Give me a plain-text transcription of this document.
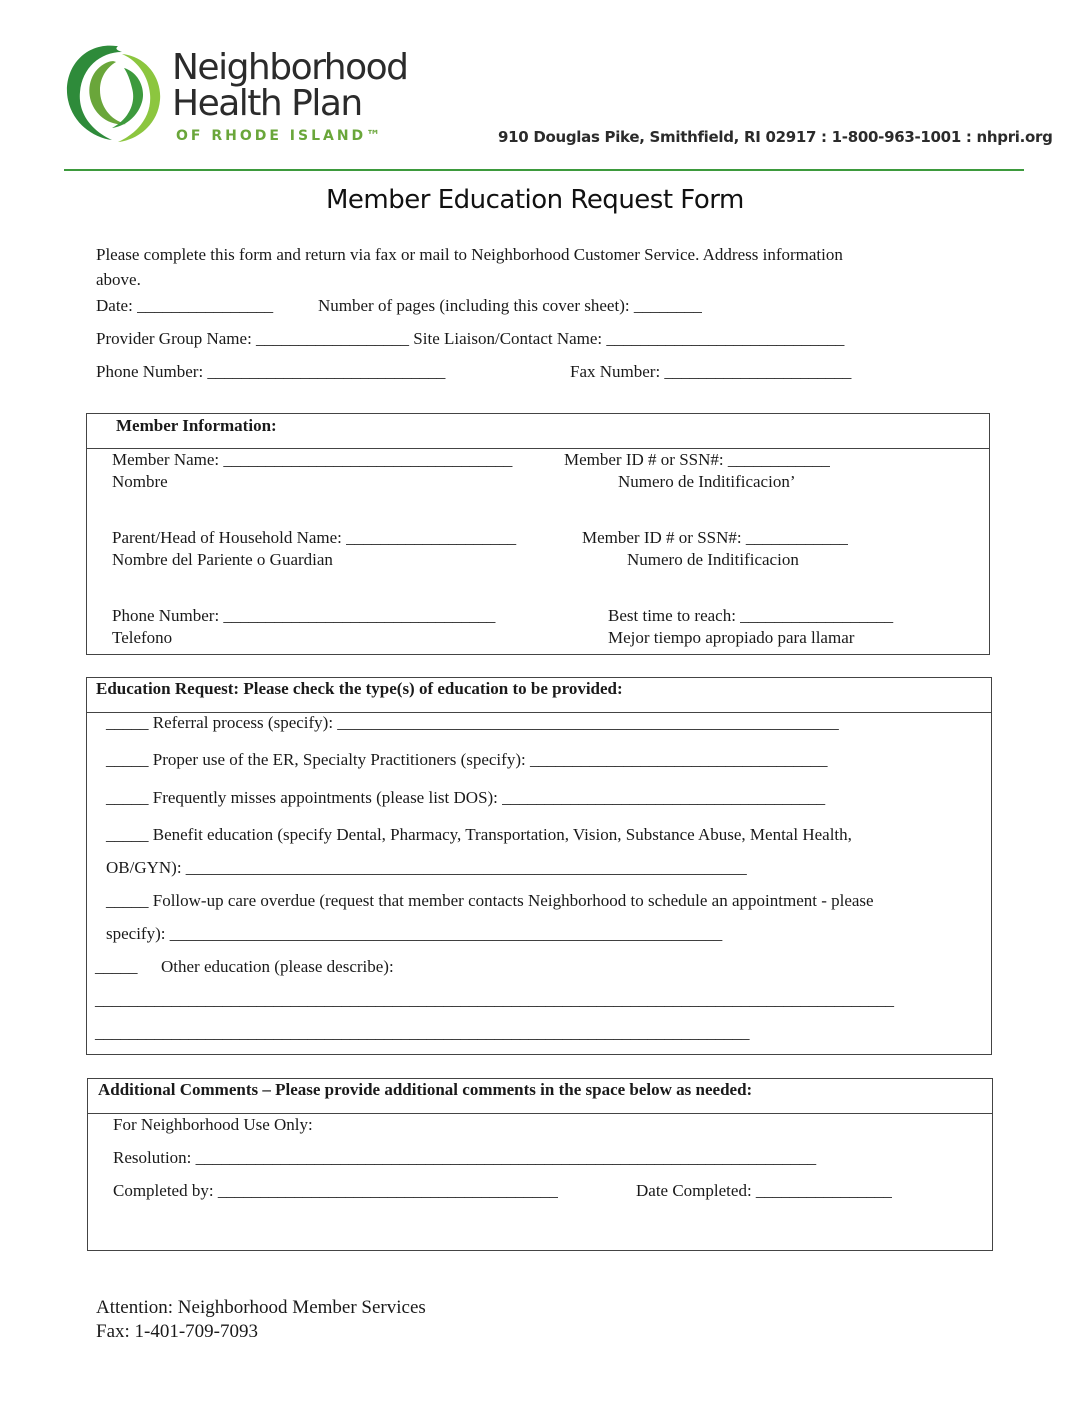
Neighborhood
Health Plan
OF RHODE ISLAND™	910 Douglas Pike, Smithfield, RI 02917 : 1-800-963-1001 : nhpri.org
Member Education Request Form
Please complete this form and return via fax or mail to Neighborhood Customer Service. Address information
above.
Date: ________________	Number of pages (including this cover sheet): ________
Provider Group Name: __________________ Site Liaison/Contact Name: ____________________________
Phone Number: ____________________________	Fax Number: ______________________
Member Information:
Member Name: __________________________________	Member ID # or SSN#: ____________
Nombre	Numero de Inditificacion’
Parent/Head of Household Name: ____________________	Member ID # or SSN#: ____________
Nombre del Pariente o Guardian	Numero de Inditificacion
Phone Number: ________________________________	Best time to reach: __________________
Telefono	Mejor tiempo apropiado para llamar
Education Request: Please check the type(s) of education to be provided:
_____ Referral process (specify): ___________________________________________________________
_____ Proper use of the ER, Specialty Practitioners (specify): ___________________________________
_____ Frequently misses appointments (please list DOS): ______________________________________
_____ Benefit education (specify Dental, Pharmacy, Transportation, Vision, Substance Abuse, Mental Health,
OB/GYN): __________________________________________________________________
_____ Follow-up care overdue (request that member contacts Neighborhood to schedule an appointment - please
specify): _________________________________________________________________
_____ Other education (please describe):
______________________________________________________________________________________________
_____________________________________________________________________________
Additional Comments – Please provide additional comments in the space below as needed:
For Neighborhood Use Only:
Resolution: _________________________________________________________________________
Completed by: ________________________________________	Date Completed: ________________
Attention: Neighborhood Member Services
Fax: 1-401-709-7093
